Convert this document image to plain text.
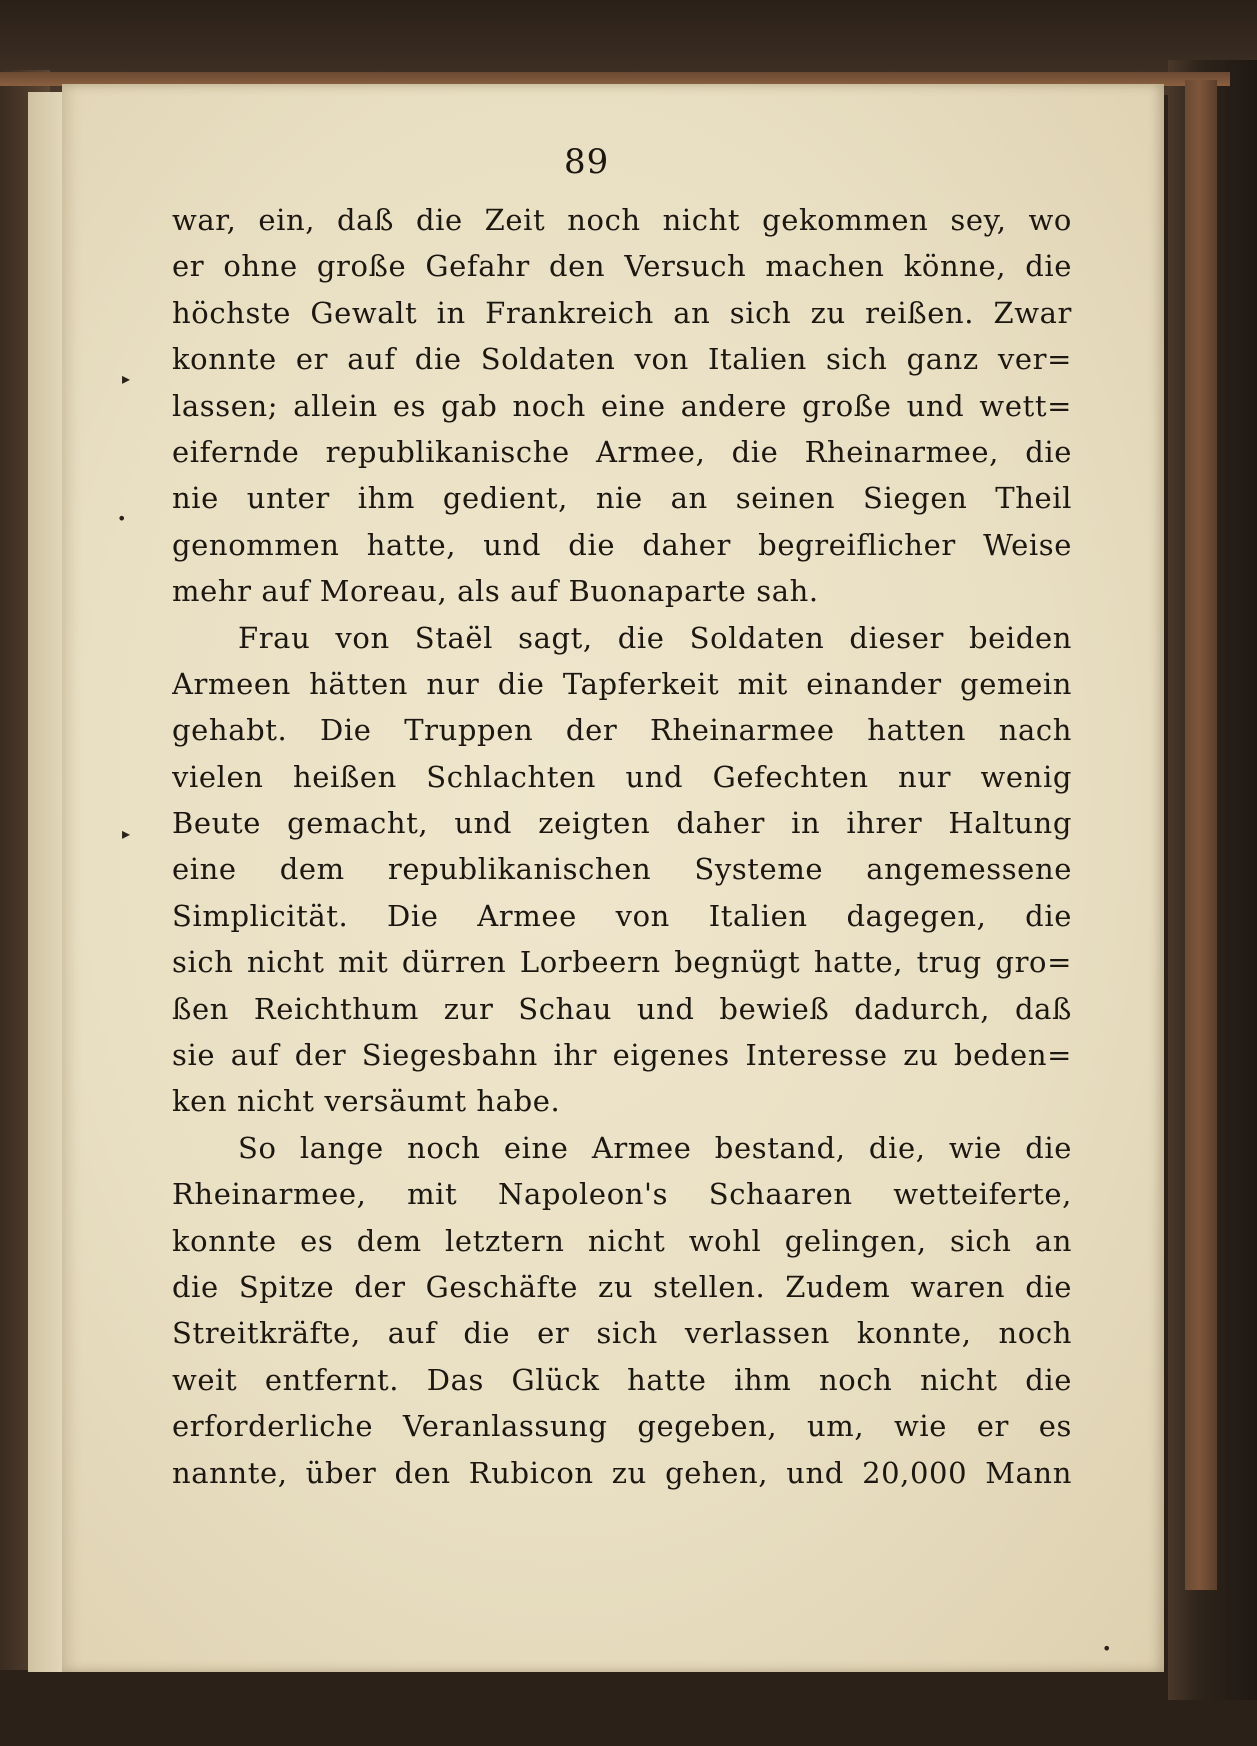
89
war, ein, daß die Zeit noch nicht gekommen sey, wo
er ohne große Gefahr den Versuch machen könne, die
höchste Gewalt in Frankreich an sich zu reißen. Zwar
konnte er auf die Soldaten von Italien sich ganz ver=
lassen; allein es gab noch eine andere große und wett=
eifernde republikanische Armee, die Rheinarmee, die
nie unter ihm gedient, nie an seinen Siegen Theil
genommen hatte, und die daher begreiflicher Weise
mehr auf Moreau, als auf Buonaparte sah.
Frau von Staël sagt, die Soldaten dieser beiden
Armeen hätten nur die Tapferkeit mit einander gemein
gehabt. Die Truppen der Rheinarmee hatten nach
vielen heißen Schlachten und Gefechten nur wenig
Beute gemacht, und zeigten daher in ihrer Haltung
eine dem republikanischen Systeme angemessene
Simplicität. Die Armee von Italien dagegen, die
sich nicht mit dürren Lorbeern begnügt hatte, trug gro=
ßen Reichthum zur Schau und bewieß dadurch, daß
sie auf der Siegesbahn ihr eigenes Interesse zu beden=
ken nicht versäumt habe.
So lange noch eine Armee bestand, die, wie die
Rheinarmee, mit Napoleon's Schaaren wetteiferte,
konnte es dem letztern nicht wohl gelingen, sich an
die Spitze der Geschäfte zu stellen. Zudem waren die
Streitkräfte, auf die er sich verlassen konnte, noch
weit entfernt. Das Glück hatte ihm noch nicht die
erforderliche Veranlassung gegeben, um, wie er es
nannte, über den Rubicon zu gehen, und 20,000 Mann
▸
•
▸
•
